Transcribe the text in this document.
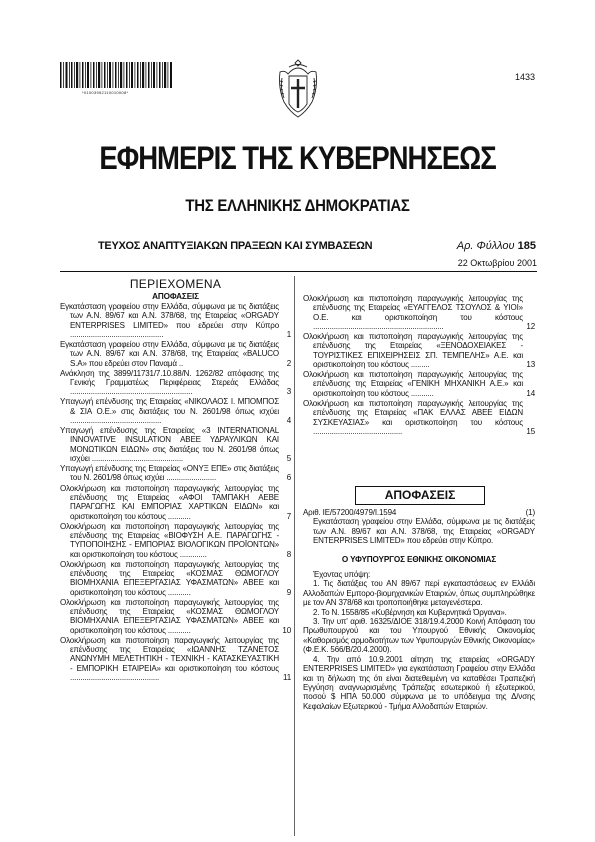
*01003952110010008*
1433
ΕΦΗΜΕΡΙΣ ΤΗΣ ΚΥΒΕΡΝΗΣΕΩΣ
ΤΗΣ ΕΛΛΗΝΙΚΗΣ ΔΗΜΟΚΡΑΤΙΑΣ
ΤΕΥΧΟΣ ΑΝΑΠΤΥΞΙΑΚΩΝ ΠΡΑΞΕΩΝ ΚΑΙ ΣΥΜΒΑΣΕΩΝ	Αρ. Φύλλου 185
22 Οκτωβρίου 2001
ΠΕΡΙΕΧΟΜΕΝΑ
ΑΠΟΦΑΣΕΙΣ
Εγκατάσταση γραφείου στην Ελλάδα, σύμφωνα με τις διατάξεις των Α.Ν. 89/67 και Α.Ν. 378/68, της Εταιρείας «ORGADY ENTERPRISES LIMITED» που εδρεύει στην Κύπρο .............................................	1
Εγκατάσταση γραφείου στην Ελλάδα, σύμφωνα με τις διατάξεις των Α.Ν. 89/67 και Α.Ν. 378/68, της Εταιρείας «BALUCO S.A» που εδρεύει στον Παναμά ..	2
Ανάκληση της 3899/11731/7.10.88/Ν. 1262/82 απόφασης της Γενικής Γραμματέως Περιφέρειας Στερεάς Ελλάδας ...........................................................	3
Υπαγωγή επένδυσης της Εταιρείας «ΝΙΚΟΛΑΟΣ Ι. ΜΠΟΜΠΟΣ & ΣΙΑ Ο.Ε.» στις διατάξεις του Ν. 2601/98 όπως ισχύει ............................................	4
Υπαγωγή επένδυσης της Εταιρείας «3 INTERNATIONAL INNOVATIVE INSULATION ΑΒΕΕ ΥΔΡΑΥΛΙΚΩΝ ΚΑΙ ΜΟΝΩΤΙΚΩΝ ΕΙΔΩΝ» στις διατάξεις του Ν. 2601/98 όπως ισχύει ............................................	5
Υπαγωγή επένδυσης της Εταιρείας «ΟΝΥΞ ΕΠΕ» στις διατάξεις του Ν. 2601/98 όπως ισχύει ........................	6
Ολοκλήρωση και πιστοποίηση παραγωγικής λειτουργίας της επένδυσης της Εταιρείας «ΑΦΟΙ ΤΑΜΠΑΚΗ ΑΕΒΕ ΠΑΡΑΓΩΓΗΣ ΚΑΙ ΕΜΠΟΡΙΑΣ ΧΑΡΤΙΚΩΝ ΕΙΔΩΝ» και οριστικοποίηση του κόστους ...........	7
Ολοκλήρωση και πιστοποίηση παραγωγικής λειτουργίας της επένδυσης της Εταιρείας «ΒΙΟΦΥΣΗ Α.Ε. ΠΑΡΑΓΩΓΗΣ - ΤΥΠΟΠΟΙΗΣΗΣ - ΕΜΠΟΡΙΑΣ ΒΙΟΛΟΓΙΚΩΝ ΠΡΟΪΟΝΤΩΝ» και οριστικοποίηση του κόστους .............	8
Ολοκλήρωση και πιστοποίηση παραγωγικής λειτουργίας της επένδυσης της Εταιρείας «ΚΟΣΜΑΣ ΘΩΜΟΓΛΟΥ ΒΙΟΜΗΧΑΝΙΑ ΕΠΕΞΕΡΓΑΣΙΑΣ ΥΦΑΣΜΑΤΩΝ» ΑΒΕΕ και οριστικοποίηση του κόστους ...........	9
Ολοκλήρωση και πιστοποίηση παραγωγικής λειτουργίας της επένδυσης της Εταιρείας «ΚΟΣΜΑΣ ΘΩΜΟΓΛΟΥ ΒΙΟΜΗΧΑΝΙΑ ΕΠΕΞΕΡΓΑΣΙΑΣ ΥΦΑΣΜΑΤΩΝ» ΑΒΕΕ και οριστικοποίηση του κόστους ...........	10
Ολοκλήρωση και πιστοποίηση παραγωγικής λειτουργίας της επένδυσης της Εταιρείας «ΙΩΑΝΝΗΣ ΤΖΑΝΕΤΟΣ ΑΝΩΝΥΜΗ ΜΕΛΕΤΗΤΙΚΗ - ΤΕΧΝΙΚΗ - ΚΑΤΑΣΚΕΥΑΣΤΙΚΗ - ΕΜΠΟΡΙΚΗ ΕΤΑΙΡΕΙΑ» και οριστικοποίηση του κόστους ...........................................	11
Ολοκλήρωση και πιστοποίηση παραγωγικής λειτουργίας της επένδυσης της Εταιρείας «ΕΥΑΓΓΕΛΟΣ ΤΣΟΥΛΟΣ & ΥΙΟΙ» Ο.Ε. και οριστικοποίηση του κόστους ...............................................................	12
Ολοκλήρωση και πιστοποίηση παραγωγικής λειτουργίας της επένδυσης της Εταιρείας «ΞΕΝΟΔΟΧΕΙΑΚΕΣ - ΤΟΥΡΙΣΤΙΚΕΣ ΕΠΙΧΕΙΡΗΣΕΙΣ ΣΠ. ΤΕΜΠΕΛΗΣ» Α.Ε. και οριστικοποίηση του κόστους .........	13
Ολοκλήρωση και πιστοποίηση παραγωγικής λειτουργίας της επένδυσης της Εταιρείας «ΓΕΝΙΚΗ ΜΗΧΑΝΙΚΗ Α.Ε.» και οριστικοποίηση του κόστους ...........	14
Ολοκλήρωση και πιστοποίηση παραγωγικής λειτουργίας της επένδυσης της Εταιρείας «ΠΑΚ ΕΛΛΑΣ ΑΒΕΕ ΕΙΔΩΝ ΣΥΣΚΕΥΑΣΙΑΣ» και οριστικοποίηση του κόστους ...........................................	15
ΑΠΟΦΑΣΕΙΣ
Αριθ. ΙΕ/57200/4979/Ι.1594	(1)
Εγκατάσταση γραφείου στην Ελλάδα, σύμφωνα με τις διατάξεις των Α.Ν. 89/67 και Α.Ν. 378/68, της Εταιρείας «ORGADY ENTERPRISES LIMITED» που εδρεύει στην Κύπρο.
Ο ΥΦΥΠΟΥΡΓΟΣ ΕΘΝΙΚΗΣ ΟΙΚΟΝΟΜΙΑΣ
Έχοντας υπόψη:
1. Τις διατάξεις του ΑΝ 89/67 περί εγκαταστάσεως εν Ελλάδι Αλλοδαπών Εμπορο-βιομηχανικών Εταιριών, όπως συμπληρώθηκε με τον ΑΝ 378/68 και τροποποιήθηκε μεταγενέστερα.
2. Το Ν. 1558/85 «Κυβέρνηση και Κυβερνητικά Όργανα».
3. Την υπ' αριθ. 16325/ΔΙΟΕ 318/19.4.2000 Κοινή Απόφαση του Πρωθυπουργού και του Υπουργού Εθνικής Οικονομίας «Καθορισμός αρμοδιοτήτων των Υφυπουργών Εθνικής Οικονομίας» (Φ.Ε.Κ. 566/Β/20.4.2000).
4. Την από 10.9.2001 αίτηση της εταιρείας «ORGADY ENTERPRISES LIMITED» για εγκατάσταση Γραφείου στην Ελλάδα και τη δήλωση της ότι είναι διατεθειμένη να καταθέσει Τραπεζική Εγγύηση αναγνωρισμένης Τράπεζας εσωτερικού ή εξωτερικού, ποσού $ ΗΠΑ 50.000 σύμφωνα με το υπόδειγμα της Δ/νσης Κεφαλαίων Εξωτερικού - Τμήμα Αλλοδαπών Εταιριών.
